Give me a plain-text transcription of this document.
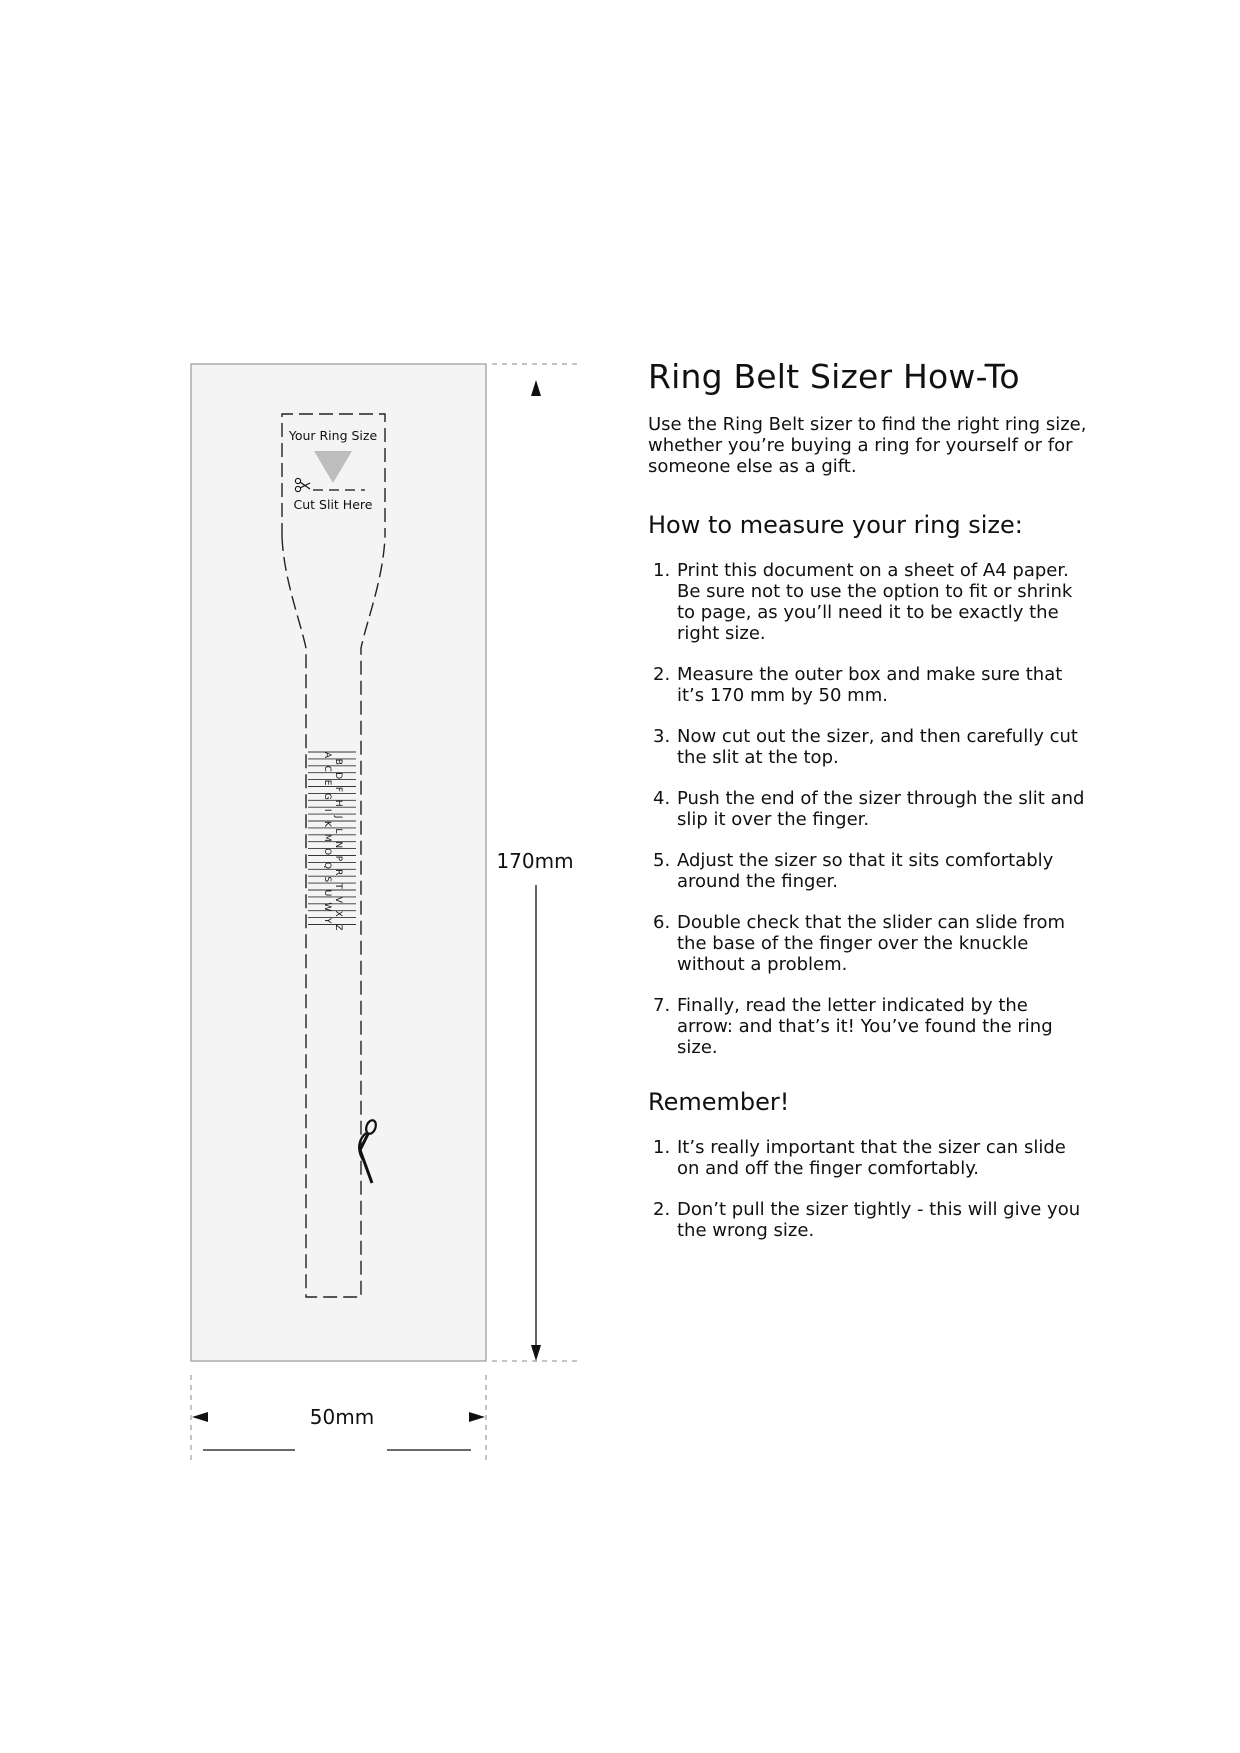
170mm
50mm
Your Ring Size
Cut Slit Here
A
C
E
G
I
K
M
O
Q
S
U
W
Y
B
D
F
H
J
L
N
P
R
T
V
X
Z
Ring Belt Sizer How-To

Use the Ring Belt sizer to find the right ring size, whether you’re buying a ring for yourself or for someone else as a gift.

How to measure your ring size:
1. Print this document on a sheet of A4 paper. Be sure not to use the option to fit or shrink to page, as you’ll need it to be exactly the right size.
2. Measure the outer box and make sure that it’s 170 mm by 50 mm.
3. Now cut out the sizer, and then carefully cut the slit at the top.
4. Push the end of the sizer through the slit and slip it over the finger.
5. Adjust the sizer so that it sits comfortably around the finger.
6. Double check that the slider can slide from the base of the finger over the knuckle without a problem.
7. Finally, read the letter indicated by the arrow: and that’s it! You’ve found the ring size.
Remember!
1. It’s really important that the sizer can slide on and off the finger comfortably.
2. Don’t pull the sizer tightly - this will give you the wrong size.
